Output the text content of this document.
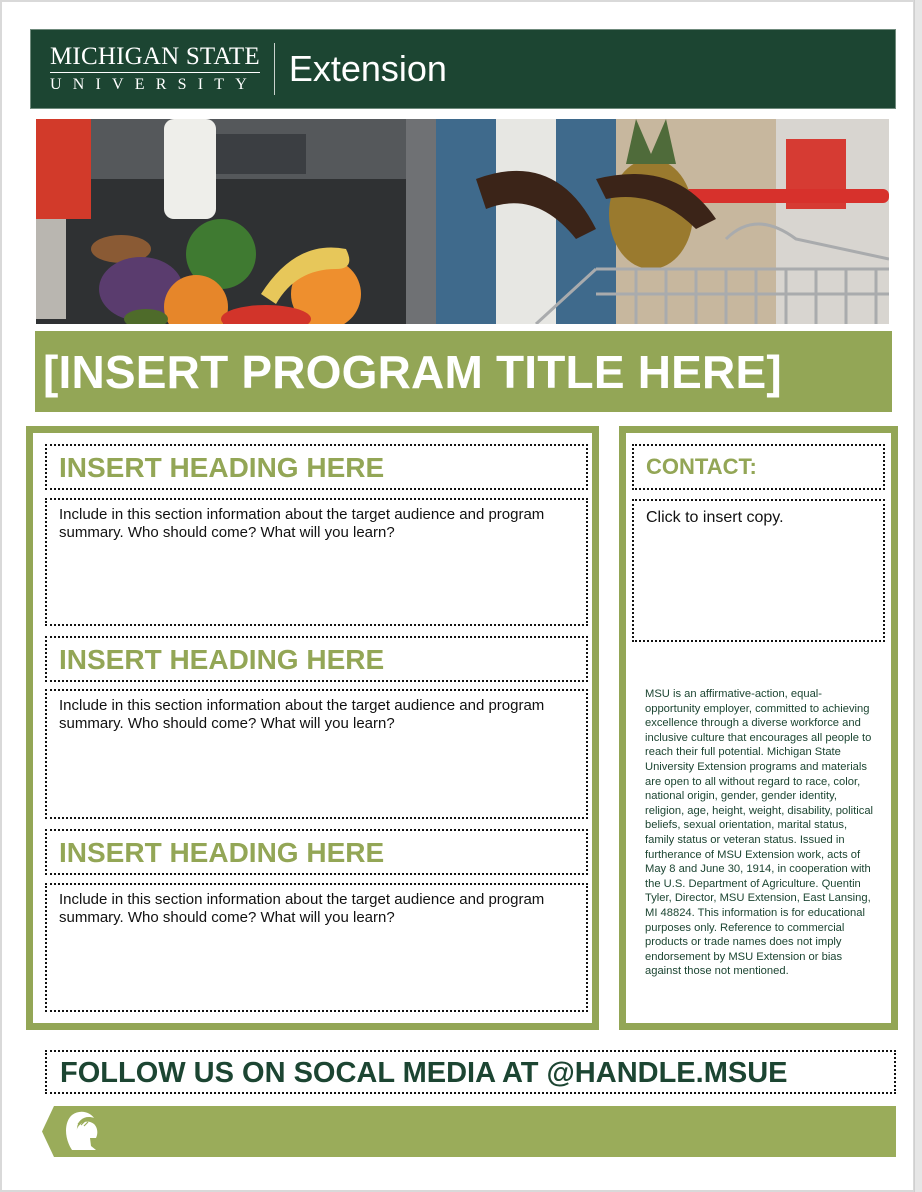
MICHIGAN STATE
UNIVERSITY Extension
[INSERT PROGRAM TITLE HERE]
INSERT HEADING HERE
Include in this section information about the target audience and program summary. Who should come? What will you learn?
INSERT HEADING HERE
Include in this section information about the target audience and program summary. Who should come? What will you learn?
INSERT HEADING HERE
Include in this section information about the target audience and program summary. Who should come? What will you learn?
CONTACT:
Click to insert copy.
MSU is an affirmative-action, equal-opportunity employer, committed to achieving excellence through a diverse workforce and inclusive culture that encourages all people to reach their full potential. Michigan State University Extension programs and materials are open to all without regard to race, color, national origin, gender, gender identity, religion, age, height, weight, disability, political beliefs, sexual orientation, marital status, family status or veteran status. Issued in furtherance of MSU Extension work, acts of May 8 and June 30, 1914, in cooperation with the U.S. Department of Agriculture. Quentin Tyler, Director, MSU Extension, East Lansing, MI 48824. This information is for educational purposes only. Reference to commercial products or trade names does not imply endorsement by MSU Extension or bias against those not mentioned.
FOLLOW US ON SOCAL MEDIA AT @HANDLE.MSUE
